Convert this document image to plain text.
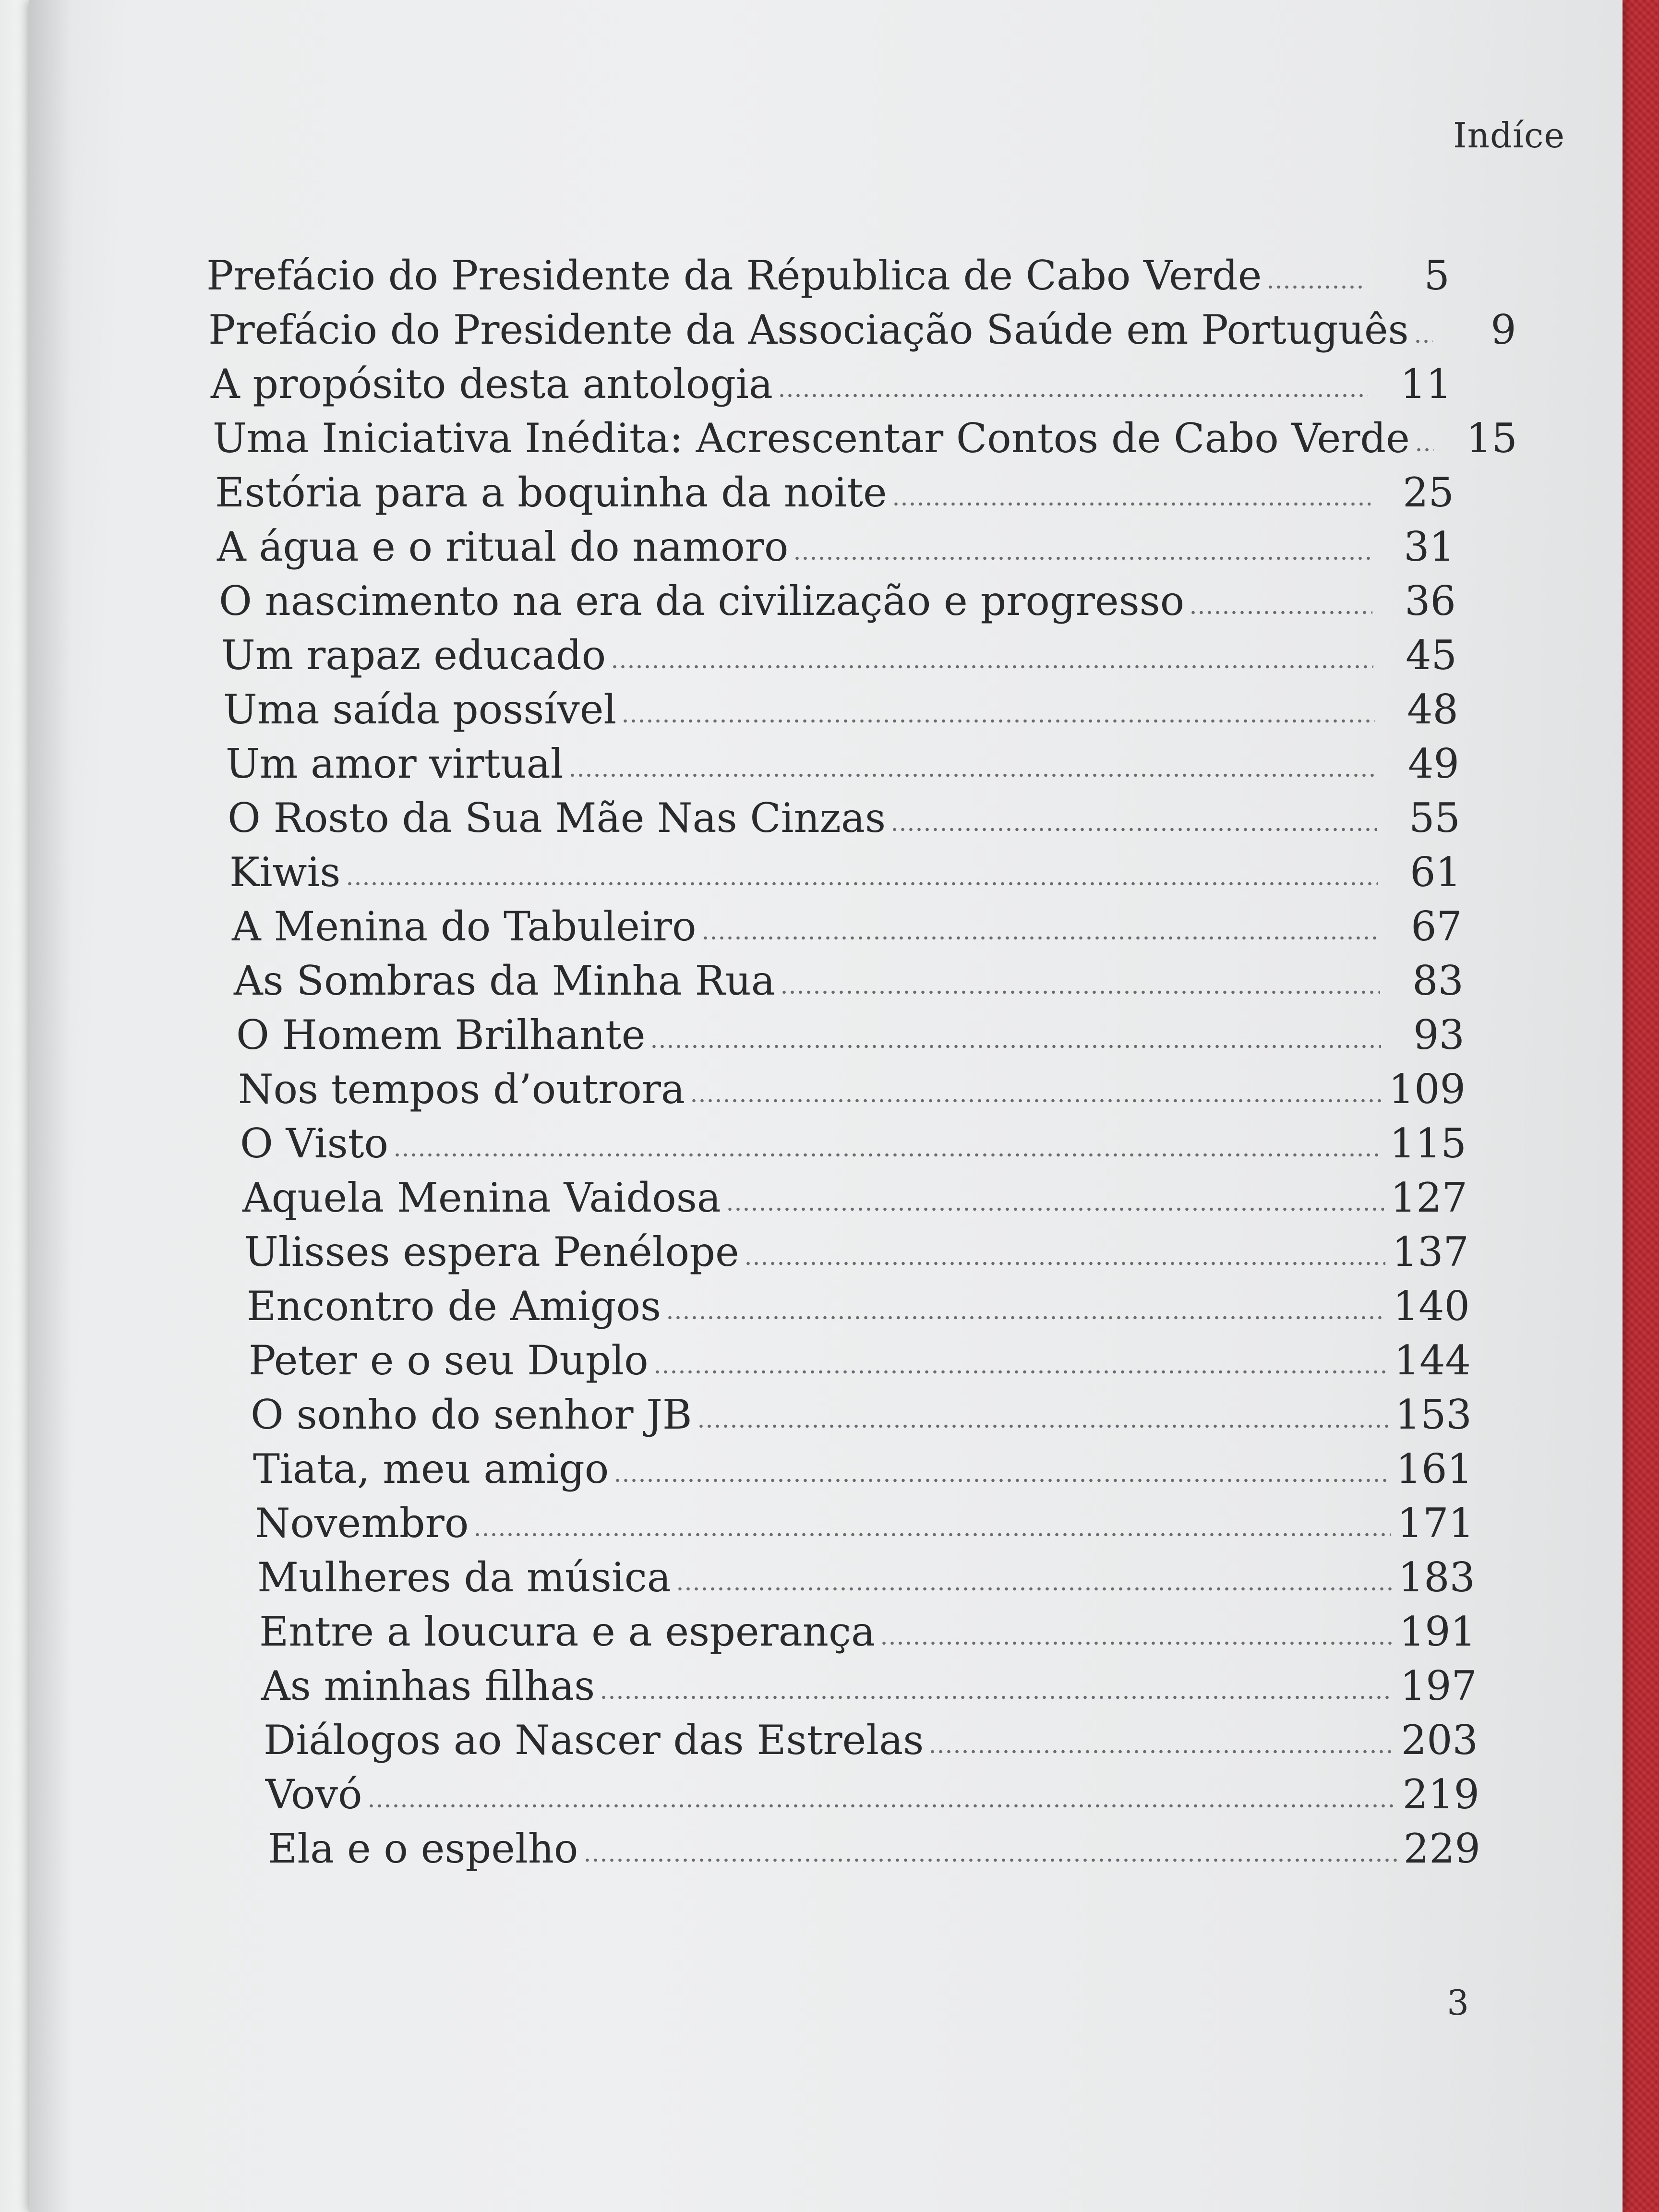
Indíce
Prefácio do Presidente da Républica de Cabo Verde	5
Prefácio do Presidente da Associação Saúde em Português	9
A propósito desta antologia	11
Uma Iniciativa Inédita: Acrescentar Contos de Cabo Verde	15
Estória para a boquinha da noite	25
A água e o ritual do namoro	31
O nascimento na era da civilização e progresso	36
Um rapaz educado	45
Uma saída possível	48
Um amor virtual	49
O Rosto da Sua Mãe Nas Cinzas	55
Kiwis	61
A Menina do Tabuleiro	67
As Sombras da Minha Rua	83
O Homem Brilhante	93
Nos tempos d’outrora	109
O Visto	115
Aquela Menina Vaidosa	127
Ulisses espera Penélope	137
Encontro de Amigos	140
Peter e o seu Duplo	144
O sonho do senhor JB	153
Tiata, meu amigo	161
Novembro	171
Mulheres da música	183
Entre a loucura e a esperança	191
As minhas filhas	197
Diálogos ao Nascer das Estrelas	203
Vovó	219
Ela e o espelho	229
3
